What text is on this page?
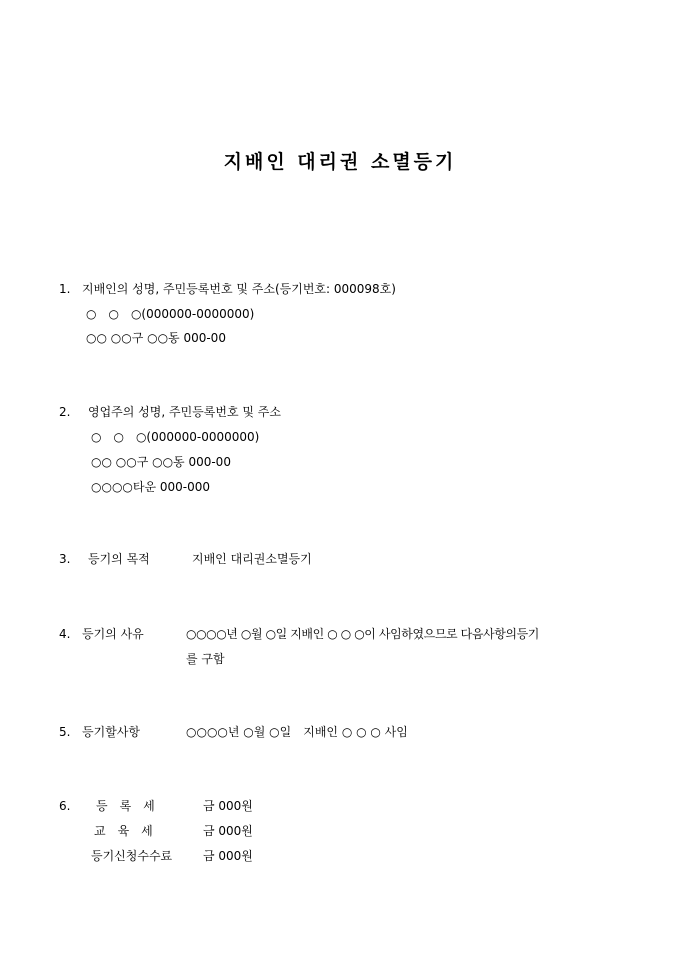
지배인 대리권 소멸등기
1. 지배인의 성명, 주민등록번호 및 주소(등기번호: 000098호)
○　○　○(000000-0000000)
○○ ○○구 ○○동 000-00
2. 영업주의 성명, 주민등록번호 및 주소
○　○　○(000000-0000000)
○○ ○○구 ○○동 000-00
○○○○타운 000-000
3. 등기의 목적	지배인 대리권소멸등기
4. 등기의 사유	○○○○년 ○월 ○일 지배인 ○ ○ ○이 사임하였으므로 다음사항의등기
를 구함
5. 등기할사항	○○○○년 ○월 ○일　지배인 ○ ○ ○ 사임
6. 등　록　세	금 000원
교　육　세	금 000원
등기신청수수료	금 000원
